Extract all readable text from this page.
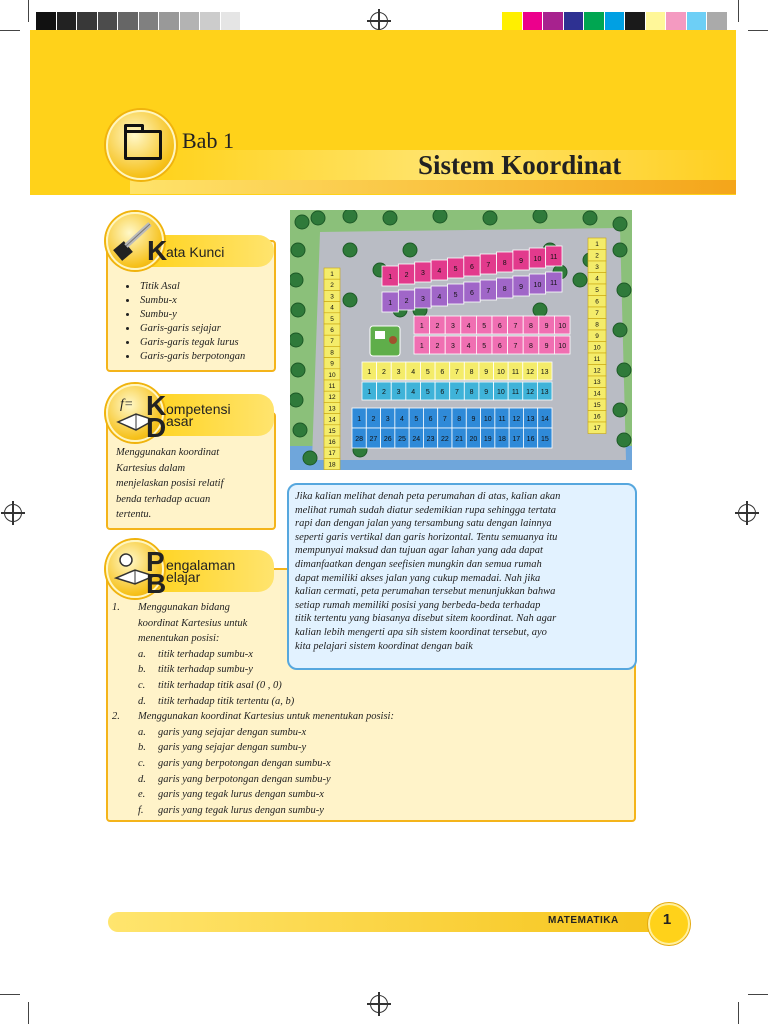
Bab 1
Sistem Koordinat
K
ata Kunci
• Titik Asal
• Sumbu-x
• Sumbu-y
• Garis-garis sejajar
• Garis-garis tegak lurus
• Garis-garis berpotongan
f= K ompetensi
D asar
Menggunakan koordinat
Kartesius dalam
menjelaskan posisi relatif
benda terhadap acuan
tertentu.
P engalaman
B elajar
1. Menggunakan bidang
koordinat Kartesius untuk
menentukan posisi:
a. titik terhadap sumbu-x
b. titik terhadap sumbu-y
c. titik terhadap titik asal (0 , 0)
d. titik terhadap titik tertentu (a, b)
2. Menggunakan koordinat Kartesius untuk menentukan posisi:
a. garis yang sejajar dengan sumbu-x
b. garis yang sejajar dengan sumbu-y
c. garis yang berpotongan dengan sumbu-x
d. garis yang berpotongan dengan sumbu-y
e. garis yang tegak lurus dengan sumbu-x
f. garis yang tegak lurus dengan sumbu-y
1 2 3 4 5 6 7 8 9 10 11
1 2 3 4 5 6 7 8 9 10 11
1 2 3 4 5 6 7 8 9 10
1 2 3 4 5 6 7 8 9 10
1 2 3 4 5 6 7 8 9 10 11 12 13
1 2 3 4 5 6 7 8 9 10 11 12 13
1 2 3 4 5 6 7 8 9 10 11 12 13 14
28 27 26 25 24 23 22 21 20 19 18 17 16 15
1
2
3
4
5
6
7
8
9
10
11
12
13
14
15
16
17
18
1
2
3
4
5
6
7
8
9
10
11
12
13
14
15
16
17
Jika kalian melihat denah peta perumahan di atas, kalian akan
melihat rumah sudah diatur sedemikian rupa sehingga tertata
rapi dan dengan jalan yang tersambung satu dengan lainnya
seperti garis vertikal dan garis horizontal. Tentu semuanya itu
mempunyai maksud dan tujuan agar lahan yang ada dapat
dimanfaatkan dengan seefisien mungkin dan semua rumah
dapat memiliki akses jalan yang cukup memadai. Nah jika
kalian cermati, peta perumahan tersebut menunjukkan bahwa
setiap rumah memiliki posisi yang berbeda-beda terhadap
titik tertentu yang biasanya disebut sitem koordinat. Nah agar
kalian lebih mengerti apa sih sistem koordinat tersebut, ayo
kita pelajari sistem koordinat dengan baik
MATEMATIKA	1
